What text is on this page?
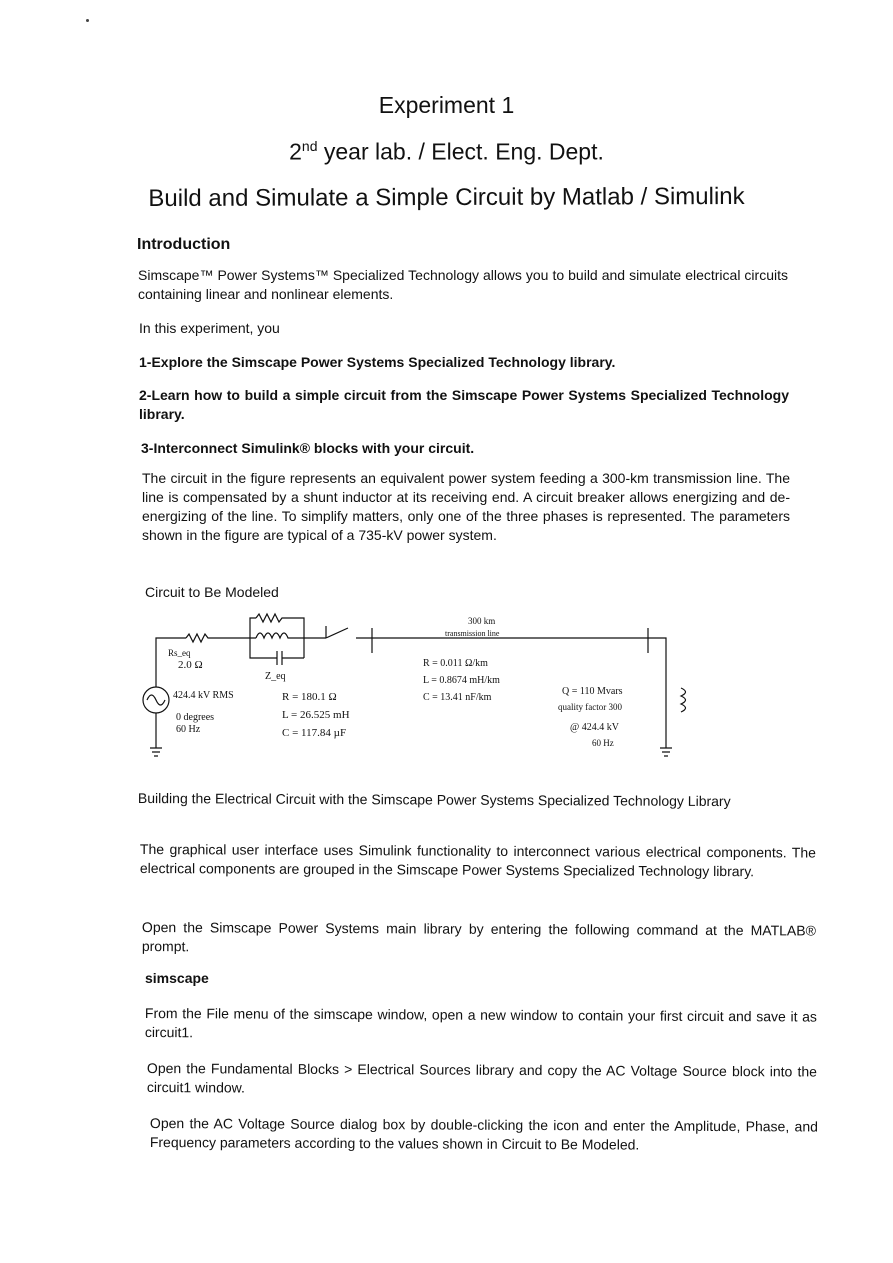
Experiment 1
2nd year lab. / Elect. Eng. Dept.
Build and Simulate a Simple Circuit by Matlab / Simulink
Introduction
Simscape™ Power Systems™ Specialized Technology allows you to build and simulate electrical circuits containing linear and nonlinear elements.
In this experiment, you
1-Explore the Simscape Power Systems Specialized Technology library.
2-Learn how to build a simple circuit from the Simscape Power Systems Specialized Technology library.
3-Interconnect Simulink® blocks with your circuit.
The circuit in the figure represents an equivalent power system feeding a 300-km transmission line. The line is compensated by a shunt inductor at its receiving end. A circuit breaker allows energizing and de-energizing of the line. To simplify matters, only one of the three phases is represented. The parameters shown in the figure are typical of a 735-kV power system.
Circuit to Be Modeled
Rs_eq
2.0 Ω
Z_eq
424.4 kV RMS
0 degrees
60 Hz
R = 180.1 Ω
L = 26.525 mH
C = 117.84 µF
300 km
transmission line
R = 0.011 Ω/km
L = 0.8674 mH/km
C = 13.41 nF/km
Q = 110 Mvars
quality factor 300
@ 424.4 kV
60 Hz
Building the Electrical Circuit with the Simscape Power Systems Specialized Technology Library
The graphical user interface uses Simulink functionality to interconnect various electrical components. The electrical components are grouped in the Simscape Power Systems Specialized Technology library.
Open the Simscape Power Systems main library by entering the following command at the MATLAB® prompt.
simscape
From the File menu of the simscape window, open a new window to contain your first circuit and save it as circuit1.
Open the Fundamental Blocks > Electrical Sources library and copy the AC Voltage Source block into the circuit1 window.
Open the AC Voltage Source dialog box by double-clicking the icon and enter the Amplitude, Phase, and Frequency parameters according to the values shown in Circuit to Be Modeled.
